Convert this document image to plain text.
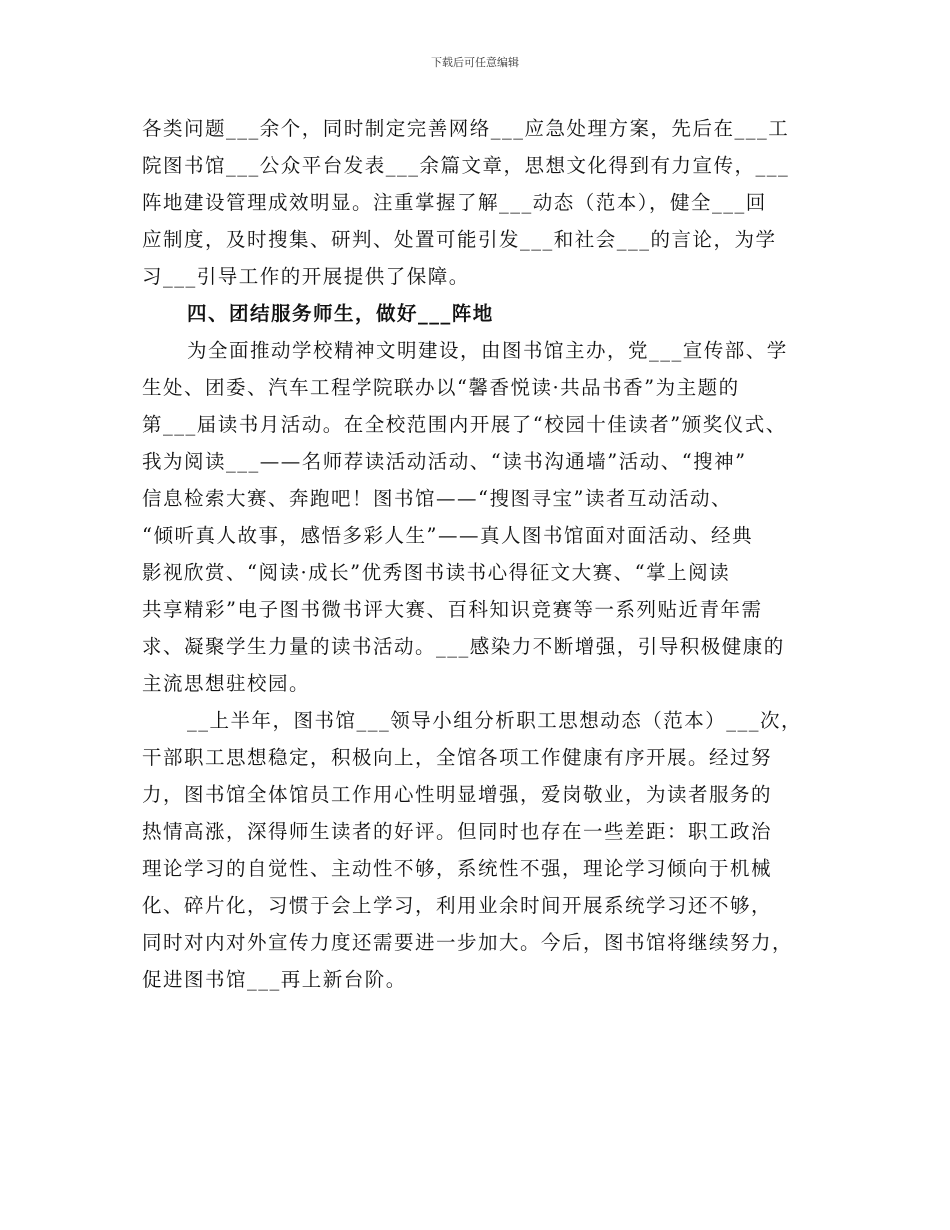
下载后可任意编辑
各类问题___余个，同时制定完善网络___应急处理方案，先后在___工
院图书馆___公众平台发表___余篇文章，思想文化得到有力宣传，___
阵地建设管理成效明显。注重掌握了解___动态（范本），健全___回
应制度，及时搜集、研判、处置可能引发___和社会___的言论，为学
习___引导工作的开展提供了保障。
四、团结服务师生，做好___阵地
为全面推动学校精神文明建设，由图书馆主办，党___宣传部、学
生处、团委、汽车工程学院联办以“馨香悦读·共品书香”为主题的
第___届读书月活动。在全校范围内开展了“校园十佳读者”颁奖仪式、
我为阅读___——名师荐读活动活动、“读书沟通墙”活动、“搜神”
信息检索大赛、奔跑吧！图书馆——“搜图寻宝”读者互动活动、
“倾听真人故事，感悟多彩人生”——真人图书馆面对面活动、经典
影视欣赏、“阅读·成长”优秀图书读书心得征文大赛、“掌上阅读
共享精彩”电子图书微书评大赛、百科知识竞赛等一系列贴近青年需
求、凝聚学生力量的读书活动。___感染力不断增强，引导积极健康的
主流思想驻校园。
__上半年，图书馆___领导小组分析职工思想动态（范本）___次，
干部职工思想稳定，积极向上，全馆各项工作健康有序开展。经过努
力，图书馆全体馆员工作用心性明显增强，爱岗敬业，为读者服务的
热情高涨，深得师生读者的好评。但同时也存在一些差距：职工政治
理论学习的自觉性、主动性不够，系统性不强，理论学习倾向于机械
化、碎片化，习惯于会上学习，利用业余时间开展系统学习还不够，
同时对内对外宣传力度还需要进一步加大。今后，图书馆将继续努力，
促进图书馆___再上新台阶。
